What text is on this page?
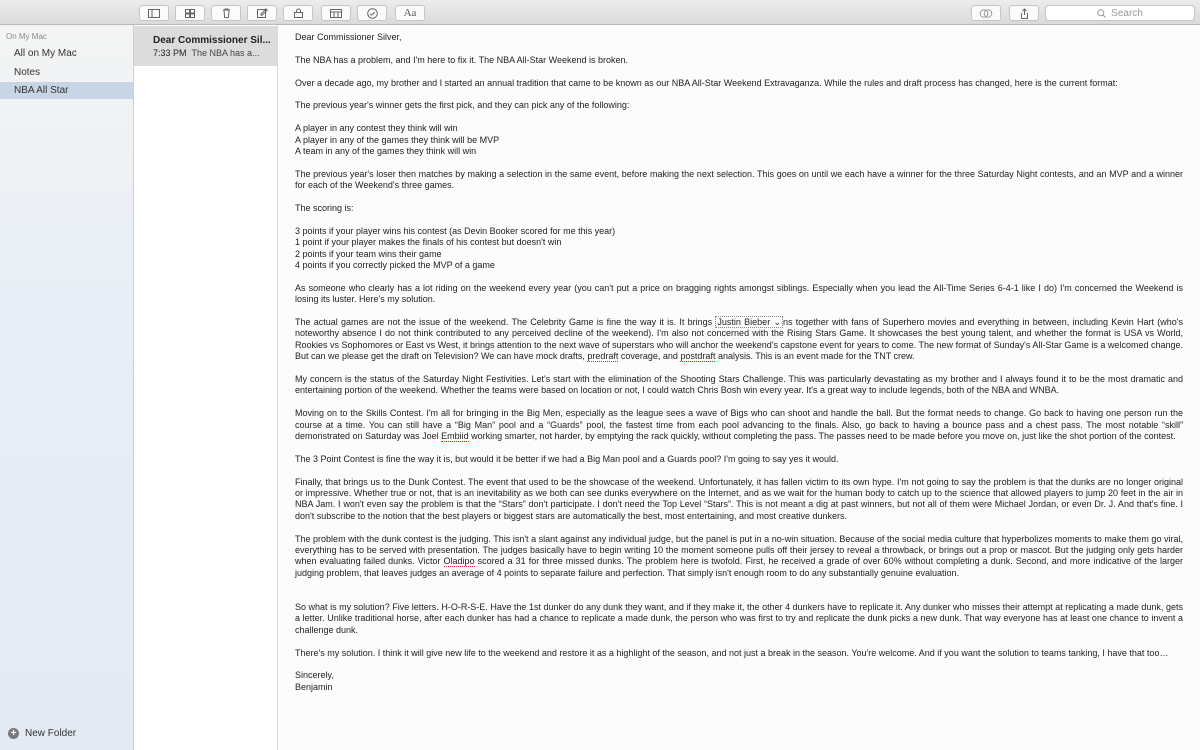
Aa	Search
On My Mac
All on My Mac
Notes
NBA All Star
+ New Folder
Dear Commissioner Sil...
7:33 PM The NBA has a...

Dear Commissioner Silver,

The NBA has a problem, and I'm here to fix it. The NBA All-Star Weekend is broken.

Over a decade ago, my brother and I started an annual tradition that came to be known as our NBA All-Star Weekend Extravaganza. While the rules and draft process has changed, here is the current format:

The previous year's winner gets the first pick, and they can pick any of the following:

A player in any contest they think will win

A player in any of the games they think will be MVP

A team in any of the games they think will win

The previous year's loser then matches by making a selection in the same event, before making the next selection. This goes on until we each have a winner for the three Saturday Night contests, and an MVP and a winner for each of the Weekend's three games.

The scoring is:

3 points if your player wins his contest (as Devin Booker scored for me this year)

1 point if your player makes the finals of his contest but doesn't win

2 points if your team wins their game

4 points if you correctly picked the MVP of a game

As someone who clearly has a lot riding on the weekend every year (you can't put a price on bragging rights amongst siblings. Especially when you lead the All-Time Series 6-4-1 like I do) I'm concerned the Weekend is losing its luster. Here's my solution.

The actual games are not the issue of the weekend. The Celebrity Game is fine the way it is. It brings Justin Bieber ⌄ ns together with fans of Superhero movies and everything in between, including Kevin Hart (who's noteworthy absence I do not think contributed to any perceived decline of the weekend). I'm also not concerned with the Rising Stars Game. It showcases the best young talent, and whether the format is USA vs World, Rookies vs Sophomores or East vs West, it brings attention to the next wave of superstars who will anchor the weekend's capstone event for years to come. The new format of Sunday's All-Star Game is a welcomed change. But can we please get the draft on Television? We can have mock drafts, predraft coverage, and postdraft analysis. This is an event made for the TNT crew.

My concern is the status of the Saturday Night Festivities. Let's start with the elimination of the Shooting Stars Challenge. This was particularly devastating as my brother and I always found it to be the most dramatic and entertaining portion of the weekend. Whether the teams were based on location or not, I could watch Chris Bosh win every year. It's a great way to include legends, both of the NBA and WNBA.

Moving on to the Skills Contest. I'm all for bringing in the Big Men, especially as the league sees a wave of Bigs who can shoot and handle the ball. But the format needs to change. Go back to having one person run the course at a time. You can still have a “Big Man” pool and a “Guards” pool, the fastest time from each pool advancing to the finals. Also, go back to having a bounce pass and a chest pass. The most notable “skill” demonstrated on Saturday was Joel Embiid working smarter, not harder, by emptying the rack quickly, without completing the pass. The passes need to be made before you move on, just like the shot portion of the contest.

The 3 Point Contest is fine the way it is, but would it be better if we had a Big Man pool and a Guards pool? I'm going to say yes it would.

Finally, that brings us to the Dunk Contest. The event that used to be the showcase of the weekend. Unfortunately, it has fallen victim to its own hype. I'm not going to say the problem is that the dunks are no longer original or impressive. Whether true or not, that is an inevitability as we both can see dunks everywhere on the Internet, and as we wait for the human body to catch up to the science that allowed players to jump 20 feet in the air in NBA Jam. I won't even say the problem is that the “Stars” don't participate. I don't need the Top Level “Stars”. This is not meant a dig at past winners, but not all of them were Michael Jordan, or even Dr. J. And that's fine. I don't subscribe to the notion that the best players or biggest stars are automatically the best, most entertaining, and most creative dunkers.

The problem with the dunk contest is the judging. This isn't a slant against any individual judge, but the panel is put in a no-win situation. Because of the social media culture that hyperbolizes moments to make them go viral, everything has to be served with presentation. The judges basically have to begin writing 10 the moment someone pulls off their jersey to reveal a throwback, or brings out a prop or mascot. But the judging only gets harder when evaluating failed dunks. Victor Oladipo scored a 31 for three missed dunks. The problem here is twofold. First, he received a grade of over 60% without completing a dunk. Second, and more indicative of the larger judging problem, that leaves judges an average of 4 points to separate failure and perfection. That simply isn't enough room to do any substantially genuine evaluation.

So what is my solution? Five letters. H-O-R-S-E. Have the 1st dunker do any dunk they want, and if they make it, the other 4 dunkers have to replicate it. Any dunker who misses their attempt at replicating a made dunk, gets a letter. Unlike traditional horse, after each dunker has had a chance to replicate a made dunk, the person who was first to try and replicate the dunk picks a new dunk. That way everyone has at least one chance to invent a challenge dunk.

There's my solution. I think it will give new life to the weekend and restore it as a highlight of the season, and not just a break in the season. You're welcome. And if you want the solution to teams tanking, I have that too…

Sincerely,

Benjamin
